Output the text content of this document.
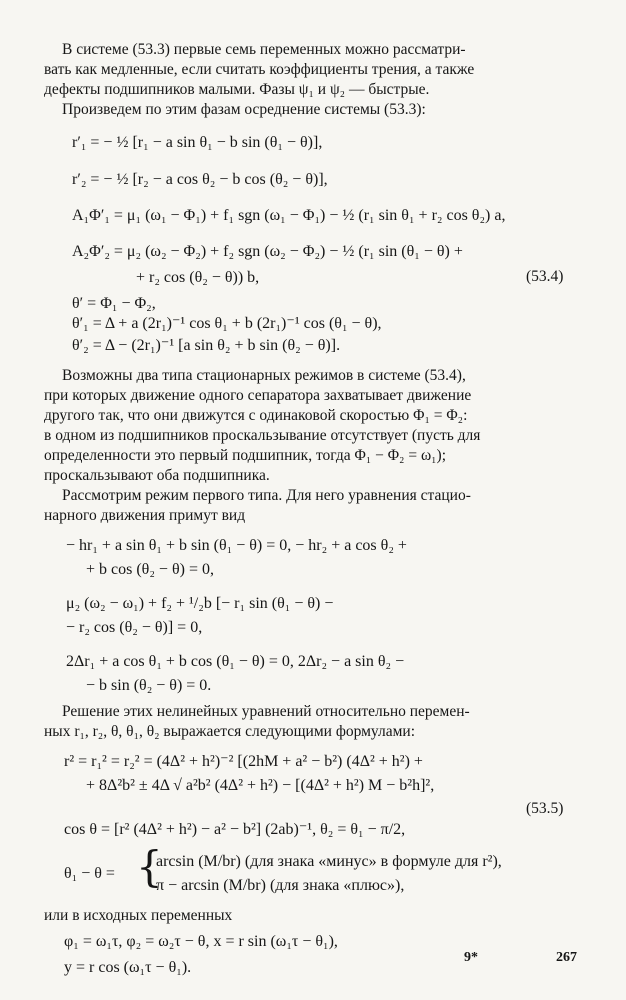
В системе (53.3) первые семь переменных можно рассматри-
вать как медленные, если считать коэффициенты трения, а также
дефекты подшипников малыми. Фазы ψ₁ и ψ₂ — быстрые.
Произведем по этим фазам осреднение системы (53.3):
r′₁ = − ½ [r₁ − a sin θ₁ − b sin (θ₁ − θ)],
r′₂ = − ½ [r₂ − a cos θ₂ − b cos (θ₂ − θ)],
A₁Φ′₁ = μ₁ (ω₁ − Φ₁) + f₁ sgn (ω₁ − Φ₁) − ½ (r₁ sin θ₁ + r₂ cos θ₂) a,
A₂Φ′₂ = μ₂ (ω₂ − Φ₂) + f₂ sgn (ω₂ − Φ₂) − ½ (r₁ sin (θ₁ − θ) +
+ r₂ cos (θ₂ − θ)) b,	(53.4)
θ′ = Φ₁ − Φ₂,
θ′₁ = Δ + a (2r₁)⁻¹ cos θ₁ + b (2r₁)⁻¹ cos (θ₁ − θ),
θ′₂ = Δ − (2r₁)⁻¹ [a sin θ₂ + b sin (θ₂ − θ)].
Возможны два типа стационарных режимов в системе (53.4),
при которых движение одного сепаратора захватывает движение
другого так, что они движутся с одинаковой скоростью Φ₁ = Φ₂:
в одном из подшипников проскальзывание отсутствует (пусть для
определенности это первый подшипник, тогда Φ₁ − Φ₂ = ω₁);
проскальзывают оба подшипника.
Рассмотрим режим первого типа. Для него уравнения стацио-
нарного движения примут вид
− hr₁ + a sin θ₁ + b sin (θ₁ − θ) = 0, − hr₂ + a cos θ₂ +
+ b cos (θ₂ − θ) = 0,
μ₂ (ω₂ − ω₁) + f₂ + ¹/₂b [− r₁ sin (θ₁ − θ) −
− r₂ cos (θ₂ − θ)] = 0,
2Δr₁ + a cos θ₁ + b cos (θ₁ − θ) = 0, 2Δr₂ − a sin θ₂ −
− b sin (θ₂ − θ) = 0.
Решение этих нелинейных уравнений относительно перемен-
ных r₁, r₂, θ, θ₁, θ₂ выражается следующими формулами:
r² = r₁² = r₂² = (4Δ² + h²)⁻² [(2hM + a² − b²) (4Δ² + h²) +
+ 8Δ²b² ± 4Δ √ a²b² (4Δ² + h²) − [(4Δ² + h²) M − b²h]²,
(53.5)
cos θ = [r² (4Δ² + h²) − a² − b²] (2ab)⁻¹, θ₂ = θ₁ − π/2,
θ₁ − θ = {
arcsin (M/br) (для знака «минус» в формуле для r²),
π − arcsin (M/br) (для знака «плюс»),
или в исходных переменных
φ₁ = ω₁τ, φ₂ = ω₂τ − θ, x = r sin (ω₁τ − θ₁),
y = r cos (ω₁τ − θ₁).
9*	267
